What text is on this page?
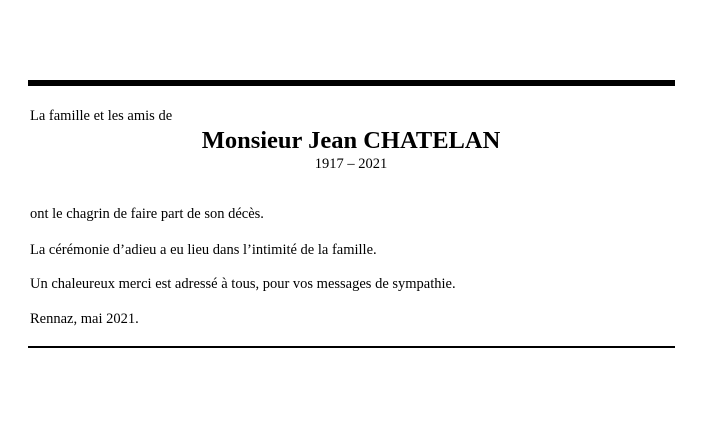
La famille et les amis de
Monsieur Jean CHATELAN
1917 – 2021
ont le chagrin de faire part de son décès.
La cérémonie d’adieu a eu lieu dans l’intimité de la famille.
Un chaleureux merci est adressé à tous, pour vos messages de sympathie.
Rennaz, mai 2021.
